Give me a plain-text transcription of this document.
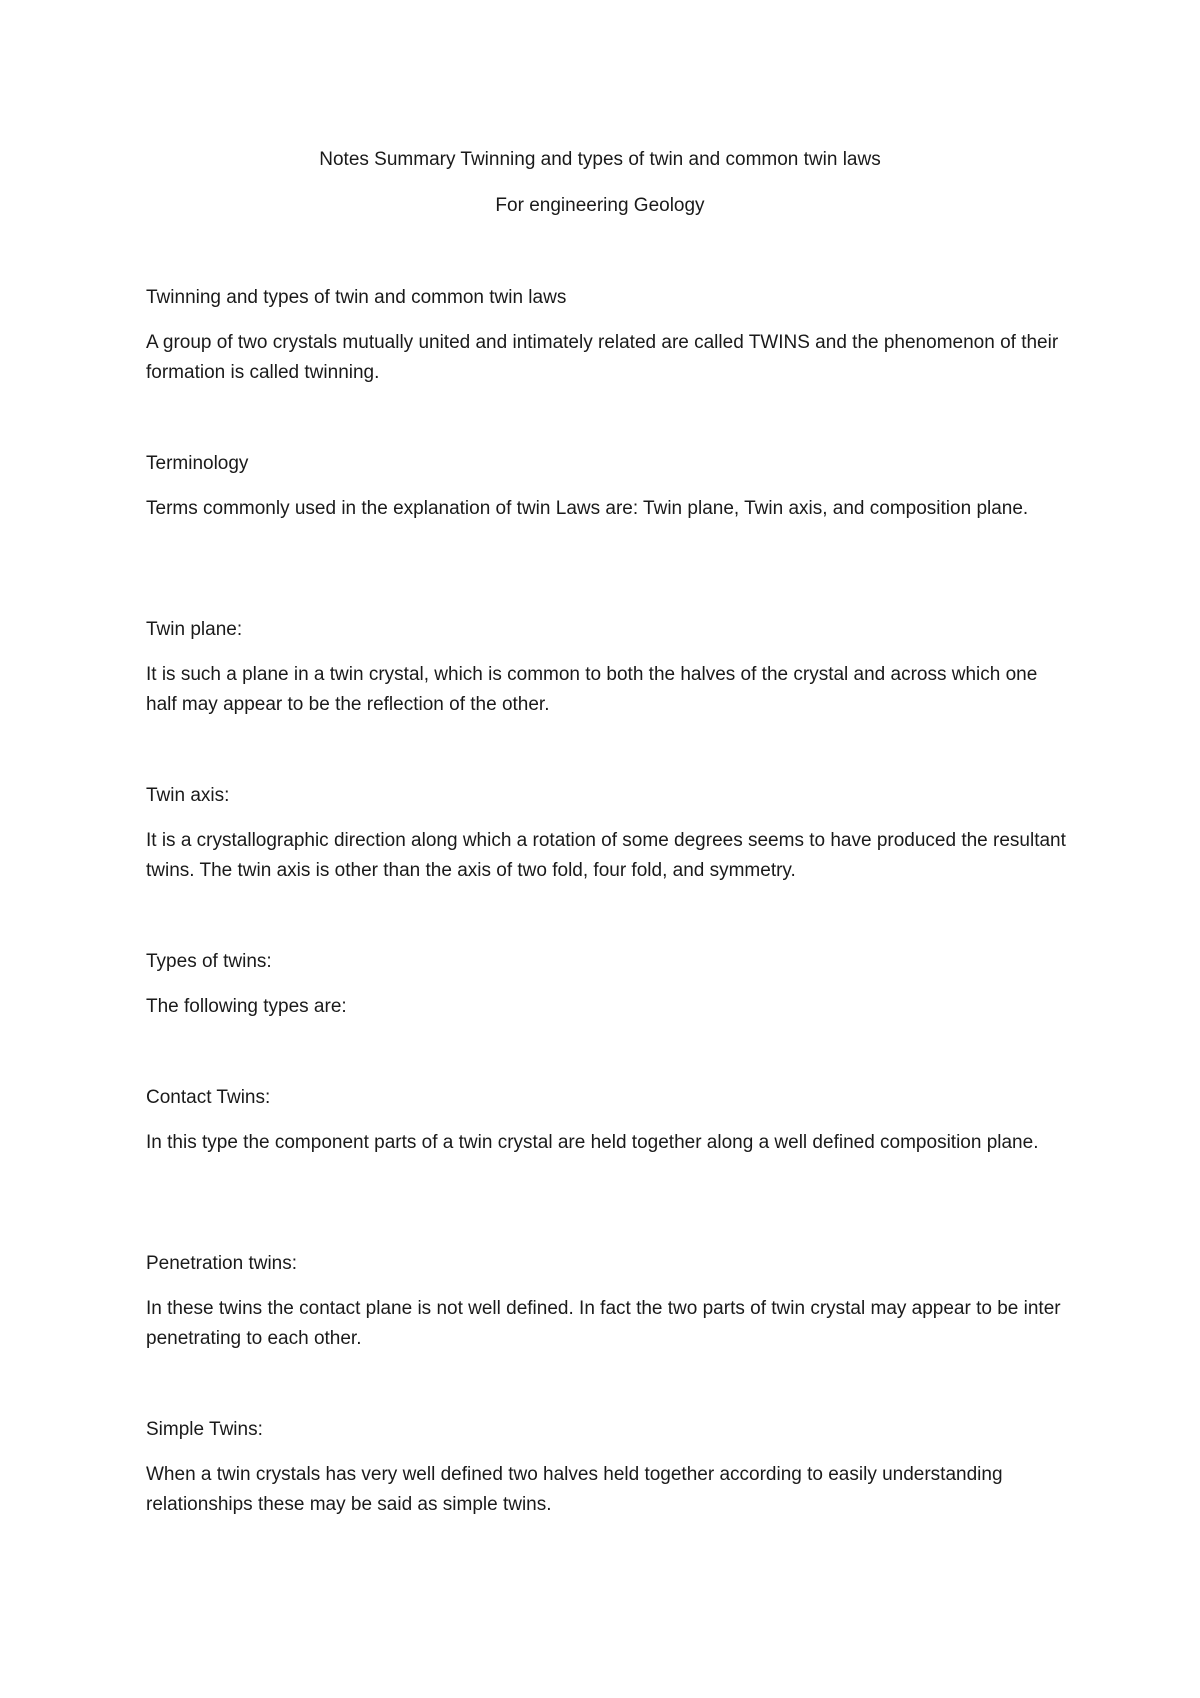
Notes Summary Twinning and types of twin and common twin laws
For engineering Geology
Twinning and types of twin and common twin laws
A group of two crystals mutually united and intimately related are called TWINS and the phenomenon of their formation is called twinning.
Terminology
Terms commonly used in the explanation of twin Laws are: Twin plane, Twin axis, and composition plane.
Twin plane:
It is such a plane in a twin crystal, which is common to both the halves of the crystal and across which one half may appear to be the reflection of the other.
Twin axis:
It is a crystallographic direction along which a rotation of some degrees seems to have produced the resultant twins. The twin axis is other than the axis of two fold, four fold, and symmetry.
Types of twins:
The following types are:
Contact Twins:
In this type the component parts of a twin crystal are held together along a well defined composition plane.
Penetration twins:
In these twins the contact plane is not well defined. In fact the two parts of twin crystal may appear to be inter penetrating to each other.
Simple Twins:
When a twin crystals has very well defined two halves held together according to easily understanding relationships these may be said as simple twins.
